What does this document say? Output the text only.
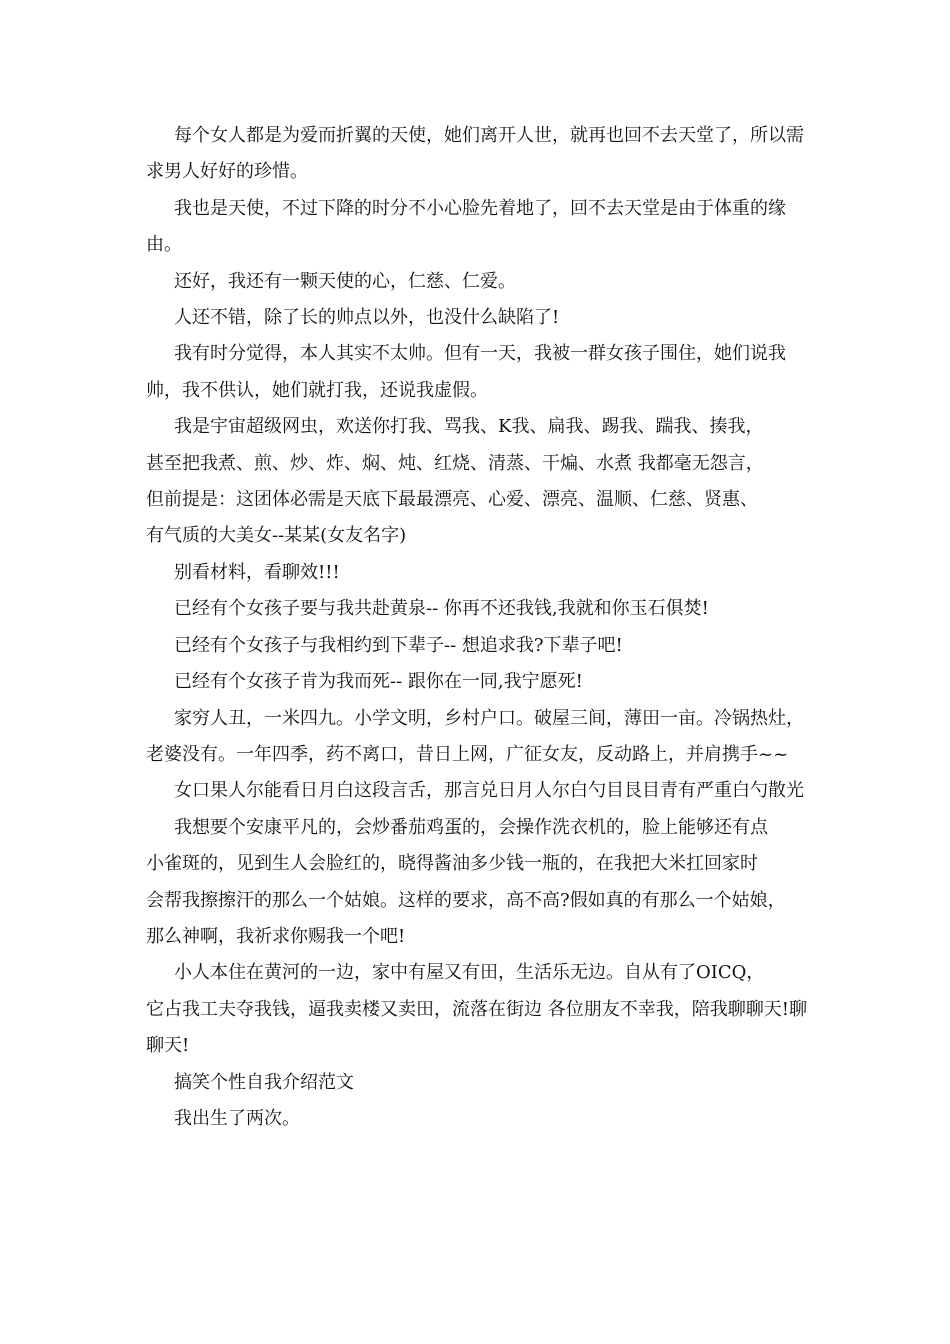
每个女人都是为爱而折翼的天使，她们离开人世，就再也回不去天堂了，所以需求男人好好的珍惜。

我也是天使，不过下降的时分不小心脸先着地了，回不去天堂是由于体重的缘由。

还好，我还有一颗天使的心，仁慈、仁爱。

人还不错，除了长的帅点以外，也没什么缺陷了!

我有时分觉得，本人其实不太帅。但有一天，我被一群女孩子围住，她们说我帅，我不供认，她们就打我，还说我虚假。

我是宇宙超级网虫，欢送你打我、骂我、K我、扁我、踢我、踹我、揍我，
甚至把我煮、煎、炒、炸、焖、炖、红烧、清蒸、干煸、水煮 我都毫无怨言，
但前提是：这团体必需是天底下最最漂亮、心爱、漂亮、温顺、仁慈、贤惠、
有气质的大美女--某某(女友名字)

别看材料，看聊效!!!

已经有个女孩子要与我共赴黄泉-- 你再不还我钱,我就和你玉石俱焚!

已经有个女孩子与我相约到下辈子-- 想追求我?下辈子吧!

已经有个女孩子肯为我而死-- 跟你在一同,我宁愿死!

家穷人丑，一米四九。小学文明，乡村户口。破屋三间，薄田一亩。冷锅热灶，老婆没有。一年四季，药不离口，昔日上网，广征女友，反动路上，并肩携手~~

女口果人尔能看日月白这段言舌，那言兑日月人尔白勺目艮目青有严重白勺散光

我想要个安康平凡的，会炒番茄鸡蛋的，会操作洗衣机的，脸上能够还有点
小雀斑的，见到生人会脸红的，晓得酱油多少钱一瓶的，在我把大米扛回家时
会帮我擦擦汗的那么一个姑娘。这样的要求，高不高?假如真的有那么一个姑娘，
那么神啊，我祈求你赐我一个吧!

小人本住在黄河的一边，家中有屋又有田，生活乐无边。自从有了OICQ，
它占我工夫夺我钱，逼我卖楼又卖田，流落在街边 各位朋友不幸我，陪我聊聊天!聊聊天!

搞笑个性自我介绍范文

我出生了两次。
